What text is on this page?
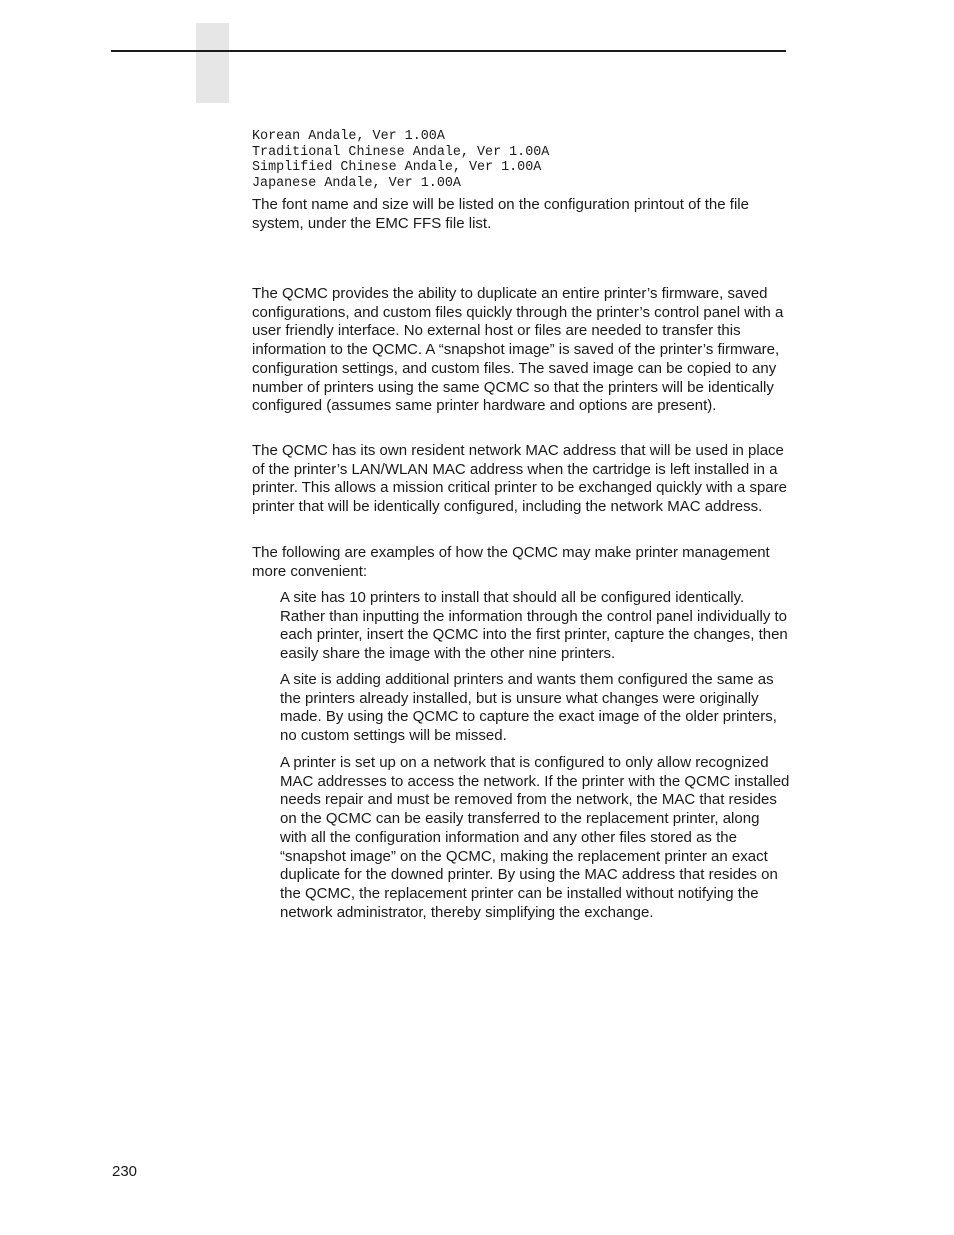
Korean Andale, Ver 1.00A
Traditional Chinese Andale, Ver 1.00A
Simplified Chinese Andale, Ver 1.00A
Japanese Andale, Ver 1.00A

The font name and size will be listed on the configuration printout of the file system, under the EMC FFS file list.

The QCMC provides the ability to duplicate an entire printer’s firmware, saved configurations, and custom files quickly through the printer’s control panel with a user friendly interface. No external host or files are needed to transfer this information to the QCMC. A “snapshot image” is saved of the printer’s firmware, configuration settings, and custom files. The saved image can be copied to any number of printers using the same QCMC so that the printers will be identically configured (assumes same printer hardware and options are present).

The QCMC has its own resident network MAC address that will be used in place of the printer’s LAN/WLAN MAC address when the cartridge is left installed in a printer. This allows a mission critical printer to be exchanged quickly with a spare printer that will be identically configured, including the network MAC address.

The following are examples of how the QCMC may make printer management more convenient:

A site has 10 printers to install that should all be configured identically. Rather than inputting the information through the control panel individually to each printer, insert the QCMC into the first printer, capture the changes, then easily share the image with the other nine printers.

A site is adding additional printers and wants them configured the same as the printers already installed, but is unsure what changes were originally made. By using the QCMC to capture the exact image of the older printers, no custom settings will be missed.

A printer is set up on a network that is configured to only allow recognized MAC addresses to access the network. If the printer with the QCMC installed needs repair and must be removed from the network, the MAC that resides on the QCMC can be easily transferred to the replacement printer, along with all the configuration information and any other files stored as the “snapshot image” on the QCMC, making the replacement printer an exact duplicate for the downed printer. By using the MAC address that resides on the QCMC, the replacement printer can be installed without notifying the network administrator, thereby simplifying the exchange.

230
